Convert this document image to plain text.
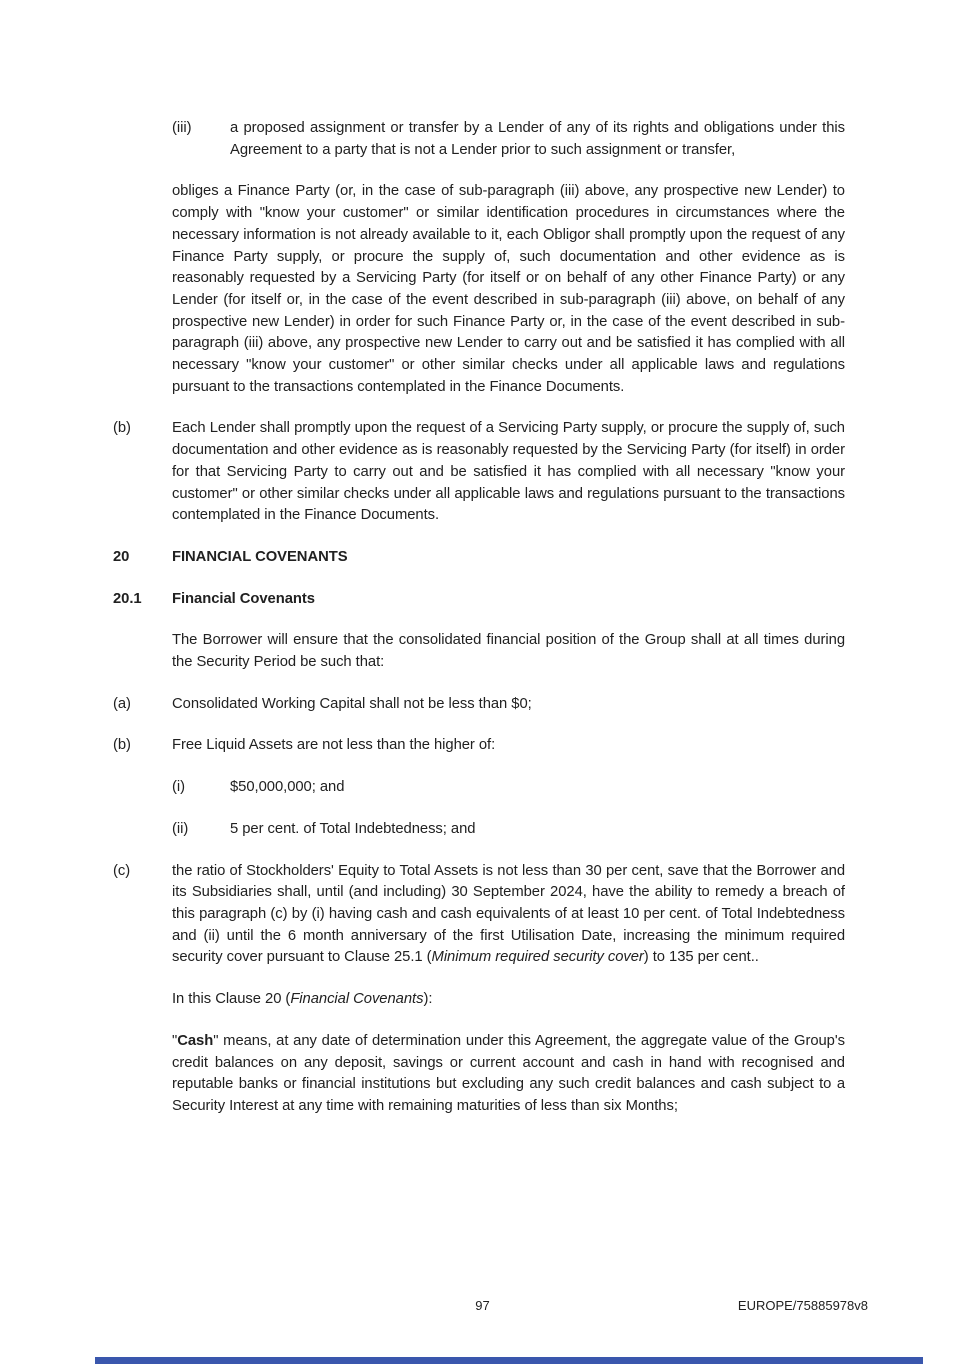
(iii)	a proposed assignment or transfer by a Lender of any of its rights and obligations under this Agreement to a party that is not a Lender prior to such assignment or transfer,

obliges a Finance Party (or, in the case of sub-paragraph (iii) above, any prospective new Lender) to comply with "know your customer" or similar identification procedures in circumstances where the necessary information is not already available to it, each Obligor shall promptly upon the request of any Finance Party supply, or procure the supply of, such documentation and other evidence as is reasonably requested by a Servicing Party (for itself or on behalf of any other Finance Party) or any Lender (for itself or, in the case of the event described in sub-paragraph (iii) above, on behalf of any prospective new Lender) in order for such Finance Party or, in the case of the event described in sub-paragraph (iii) above, any prospective new Lender to carry out and be satisfied it has complied with all necessary "know your customer" or other similar checks under all applicable laws and regulations pursuant to the transactions contemplated in the Finance Documents.

(b)	Each Lender shall promptly upon the request of a Servicing Party supply, or procure the supply of, such documentation and other evidence as is reasonably requested by the Servicing Party (for itself) in order for that Servicing Party to carry out and be satisfied it has complied with all necessary "know your customer" or other similar checks under all applicable laws and regulations pursuant to the transactions contemplated in the Finance Documents.

20	FINANCIAL COVENANTS

20.1	Financial Covenants

The Borrower will ensure that the consolidated financial position of the Group shall at all times during the Security Period be such that:

(a)	Consolidated Working Capital shall not be less than $0;

(b)	Free Liquid Assets are not less than the higher of:

(i)	$50,000,000; and

(ii)	5 per cent. of Total Indebtedness; and

(c)	the ratio of Stockholders' Equity to Total Assets is not less than 30 per cent, save that the Borrower and its Subsidiaries shall, until (and including) 30 September 2024, have the ability to remedy a breach of this paragraph (c) by (i) having cash and cash equivalents of at least 10 per cent. of Total Indebtedness and (ii) until the 6 month anniversary of the first Utilisation Date, increasing the minimum required security cover pursuant to Clause 25.1 (Minimum required security cover) to 135 per cent..

In this Clause 20 (Financial Covenants):

"Cash" means, at any date of determination under this Agreement, the aggregate value of the Group's credit balances on any deposit, savings or current account and cash in hand with recognised and reputable banks or financial institutions but excluding any such credit balances and cash subject to a Security Interest at any time with remaining maturities of less than six Months;

97	EUROPE/75885978v8
